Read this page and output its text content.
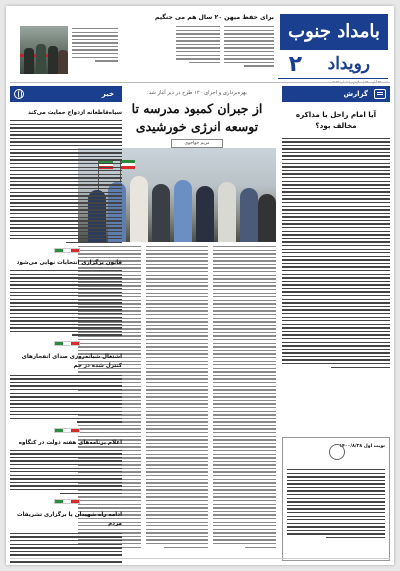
بامداد جنوب
رویداد
۲
برای حفظ میهن ۲۰ سال هم می جنگیم
گزارش
آیا امام راحل با مذاکره مخالف بود؟
نوبت اول ۱۴۰۰/۸/۲۸
بهره‌برداری و اجرای ۱۲۰ طرح در دیر آغاز شد:
از جبران کمبود مدرسه تا توسعه انرژی خورشیدی
مریم خواجوی
خبر
سیاه‌قاطعانه ازدواج حمایت می‌کند
قانون برگزاری انتخابات نهایی می‌شود
اشتغال شبانه‌روزی صدای انفجارهای کنترل شده در جم
اعلام برنامه‌های هفته دولت در کنگاوه
ادامه راه شهیدان با برگزاری تشریفات مردم
